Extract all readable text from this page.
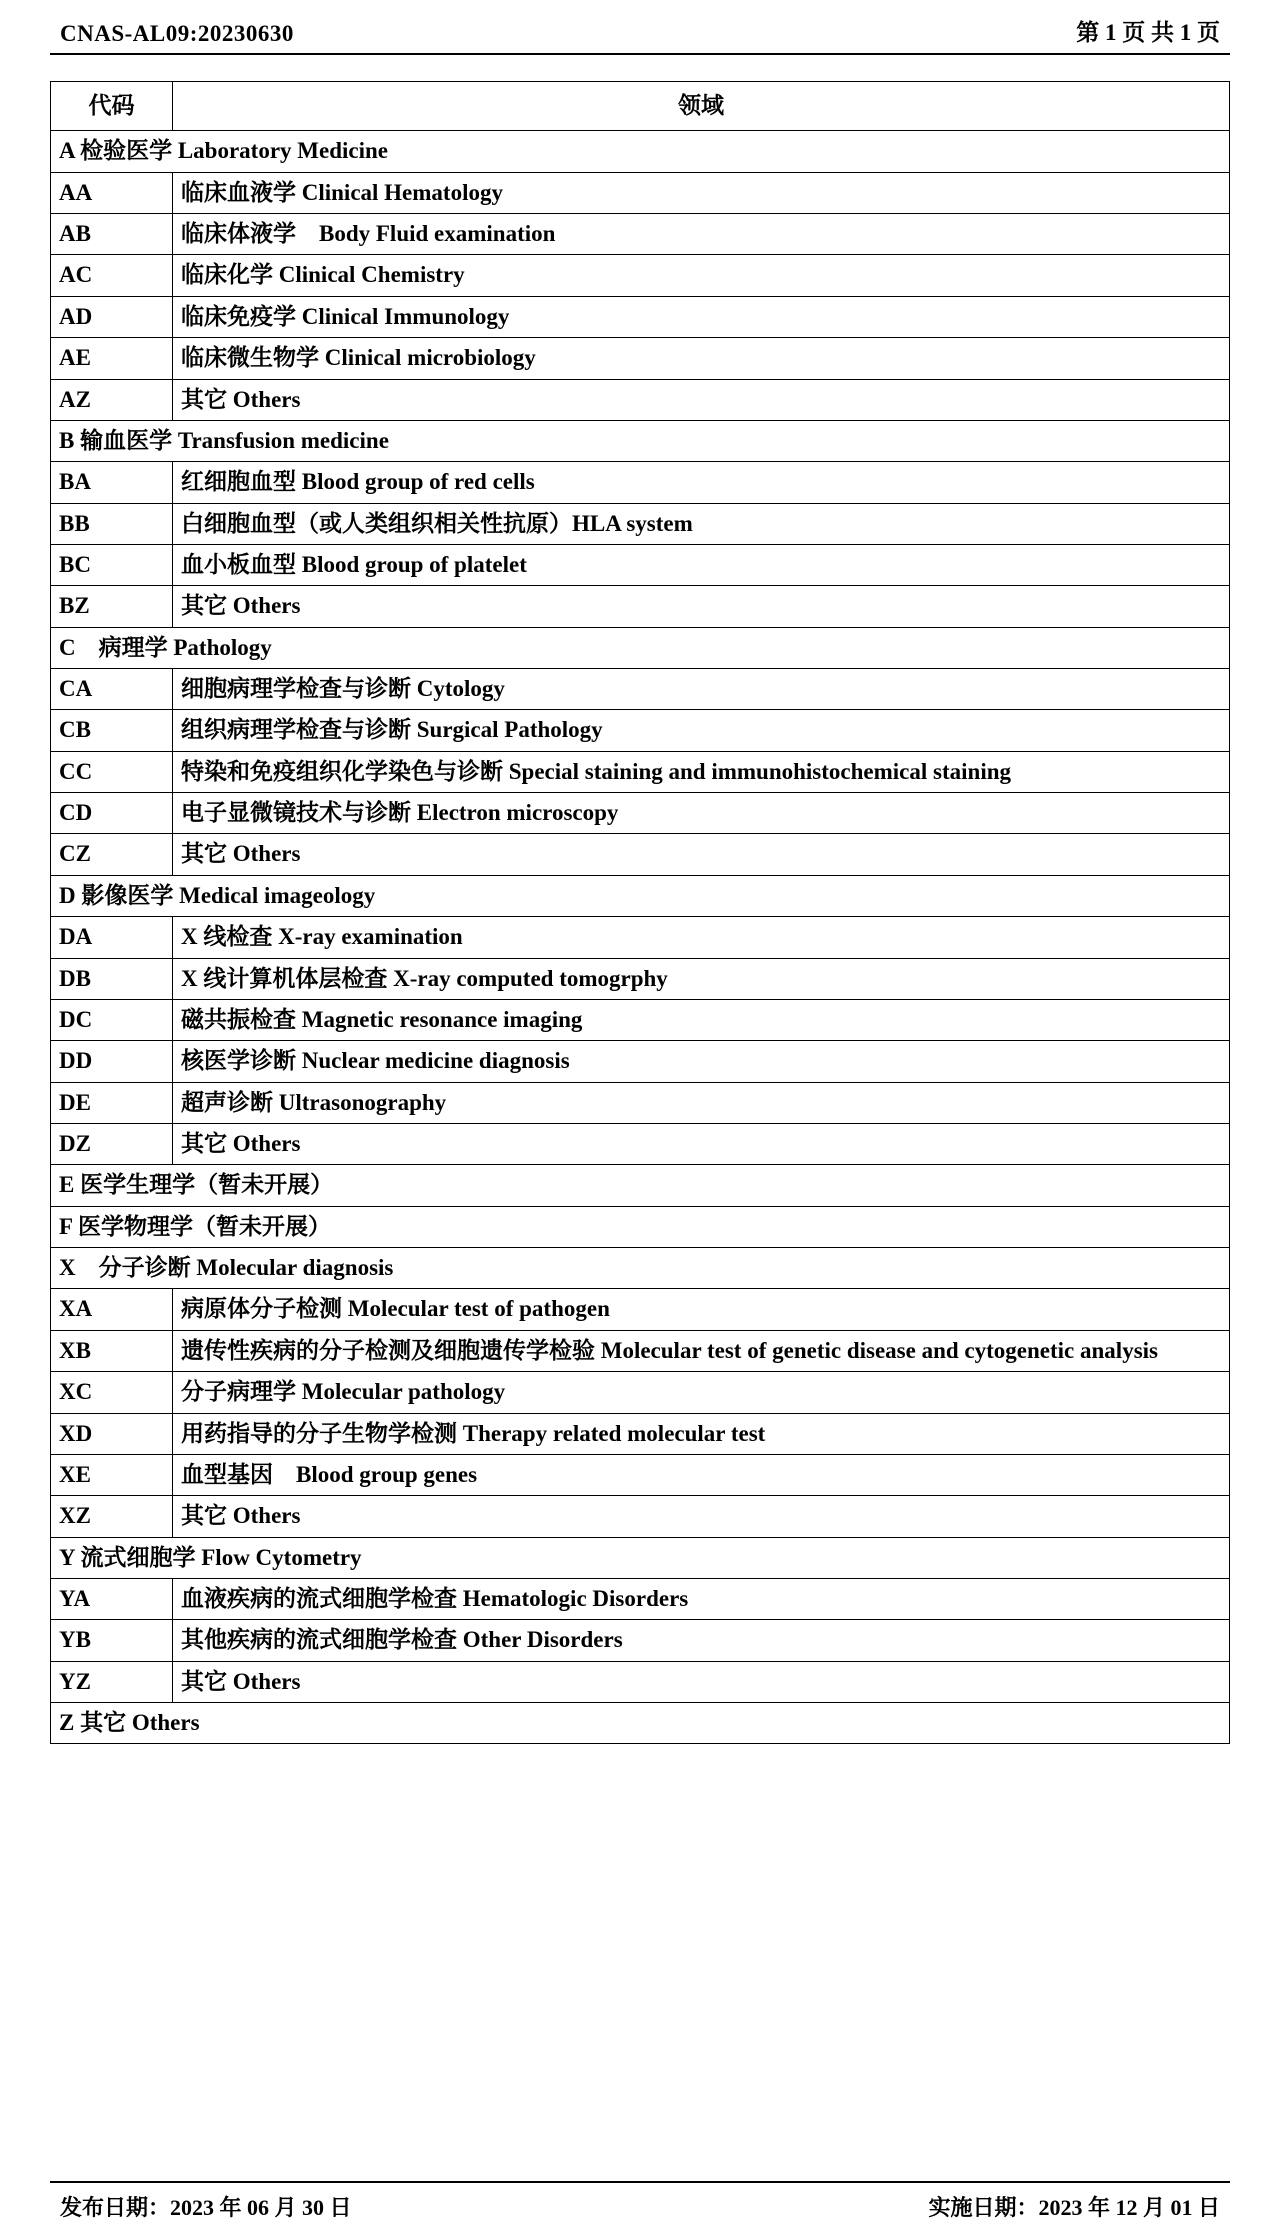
CNAS-AL09:20230630	第 1 页 共 1 页
代码	领域
A 检验医学 Laboratory Medicine	
AA	临床血液学 Clinical Hematology
AB	临床体液学　Body Fluid examination
AC	临床化学 Clinical Chemistry
AD	临床免疫学 Clinical Immunology
AE	临床微生物学 Clinical microbiology
AZ	其它 Others
B 输血医学 Transfusion medicine	
BA	红细胞血型 Blood group of red cells
BB	白细胞血型（或人类组织相关性抗原）HLA system
BC	血小板血型 Blood group of platelet
BZ	其它 Others
C　病理学 Pathology	
CA	细胞病理学检查与诊断 Cytology
CB	组织病理学检查与诊断 Surgical Pathology
CC	特染和免疫组织化学染色与诊断 Special staining and immunohistochemical staining
CD	电子显微镜技术与诊断 Electron microscopy
CZ	其它 Others
D 影像医学 Medical imageology	
DA	X 线检查 X-ray examination
DB	X 线计算机体层检查 X-ray computed tomogrphy
DC	磁共振检查 Magnetic resonance imaging
DD	核医学诊断 Nuclear medicine diagnosis
DE	超声诊断 Ultrasonography
DZ	其它 Others
E 医学生理学（暂未开展）	
F 医学物理学（暂未开展）	
X　分子诊断 Molecular diagnosis	
XA	病原体分子检测 Molecular test of pathogen
XB	遗传性疾病的分子检测及细胞遗传学检验 Molecular test of genetic disease and cytogenetic analysis
XC	分子病理学 Molecular pathology
XD	用药指导的分子生物学检测 Therapy related molecular test
XE	血型基因　Blood group genes
XZ	其它 Others
Y 流式细胞学 Flow Cytometry	
YA	血液疾病的流式细胞学检查 Hematologic Disorders
YB	其他疾病的流式细胞学检查 Other Disorders
YZ	其它 Others
Z 其它 Others	
发布日期：2023 年 06 月 30 日	实施日期：2023 年 12 月 01 日
